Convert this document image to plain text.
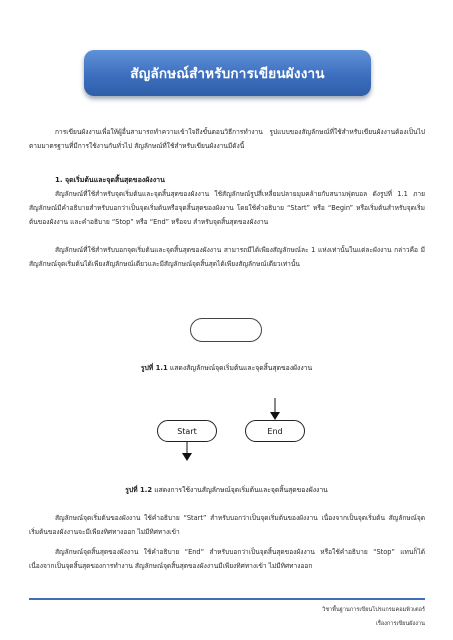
สัญลักษณ์สำหรับการเขียนผังงาน

การเขียนผังงานเพื่อให้ผู้อื่นสามารถทำความเข้าใจถึงขั้นตอนวิธีการทำงาน รูปแบบของสัญลักษณ์ที่ใช้สำหรับเขียนผังงานต้องเป็นไปตามมาตรฐานที่มีการใช้งานกันทั่วไป สัญลักษณ์ที่ใช้สำหรับเขียนผังงานมีดังนี้

1. จุดเริ่มต้นและจุดสิ้นสุดของผังงาน

สัญลักษณ์ที่ใช้สำหรับจุดเริ่มต้นและจุดสิ้นสุดของผังงาน ใช้สัญลักษณ์รูปสี่เหลี่ยมปลายมุมคล้ายกับสนามฟุตบอล ดังรูปที่ 1.1 ภายสัญลักษณ์มีคำอธิบายสำหรับบอกว่าเป็นจุดเริ่มต้นหรือจุดสิ้นสุดของผังงาน โดยใช้คำอธิบาย “Start” หรือ “Begin” หรือเริ่มต้นสำหรับจุดเริ่มต้นของผังงาน และคำอธิบาย “Stop” หรือ “End” หรือจบ สำหรับจุดสิ้นสุดของผังงาน

สัญลักษณ์ที่ใช้สำหรับบอกจุดเริ่มต้นและจุดสิ้นสุดของผังงาน สามารถมีได้เพียงสัญลักษณ์ละ 1 แห่งเท่านั้นในแต่ละผังงาน กล่าวคือ มีสัญลักษณ์จุดเริ่มต้นได้เพียงสัญลักษณ์เดียวและมีสัญลักษณ์จุดสิ้นสุดได้เพียงสัญลักษณ์เดียวเท่านั้น

รูปที่ 1.1 แสดงสัญลักษณ์จุดเริ่มต้นและจุดสิ้นสุดของผังงาน
Start	End
รูปที่ 1.2 แสดงการใช้งานสัญลักษณ์จุดเริ่มต้นและจุดสิ้นสุดของผังงาน

สัญลักษณ์จุดเริ่มต้นของผังงาน ใช้คำอธิบาย “Start” สำหรับบอกว่าเป็นจุดเริ่มต้นของผังงาน เนื่องจากเป็นจุดเริ่มต้น สัญลักษณ์จุดเริ่มต้นของผังงานจะมีเพียงทิศทางออก ไม่มีทิศทางเข้า

สัญลักษณ์จุดสิ้นสุดของผังงาน ใช้คำอธิบาย “End” สำหรับบอกว่าเป็นจุดสิ้นสุดของผังงาน หรือใช้คำอธิบาย “Stop” แทนก็ได้ เนื่องจากเป็นจุดสิ้นสุดของการทำงาน สัญลักษณ์จุดสิ้นสุดของผังงานมีเพียงทิศทางเข้า ไม่มีทิศทางออก

วิชาพื้นฐานการเขียนโปรแกรมคอมพิวเตอร์
เรื่องการเขียนผังงาน
